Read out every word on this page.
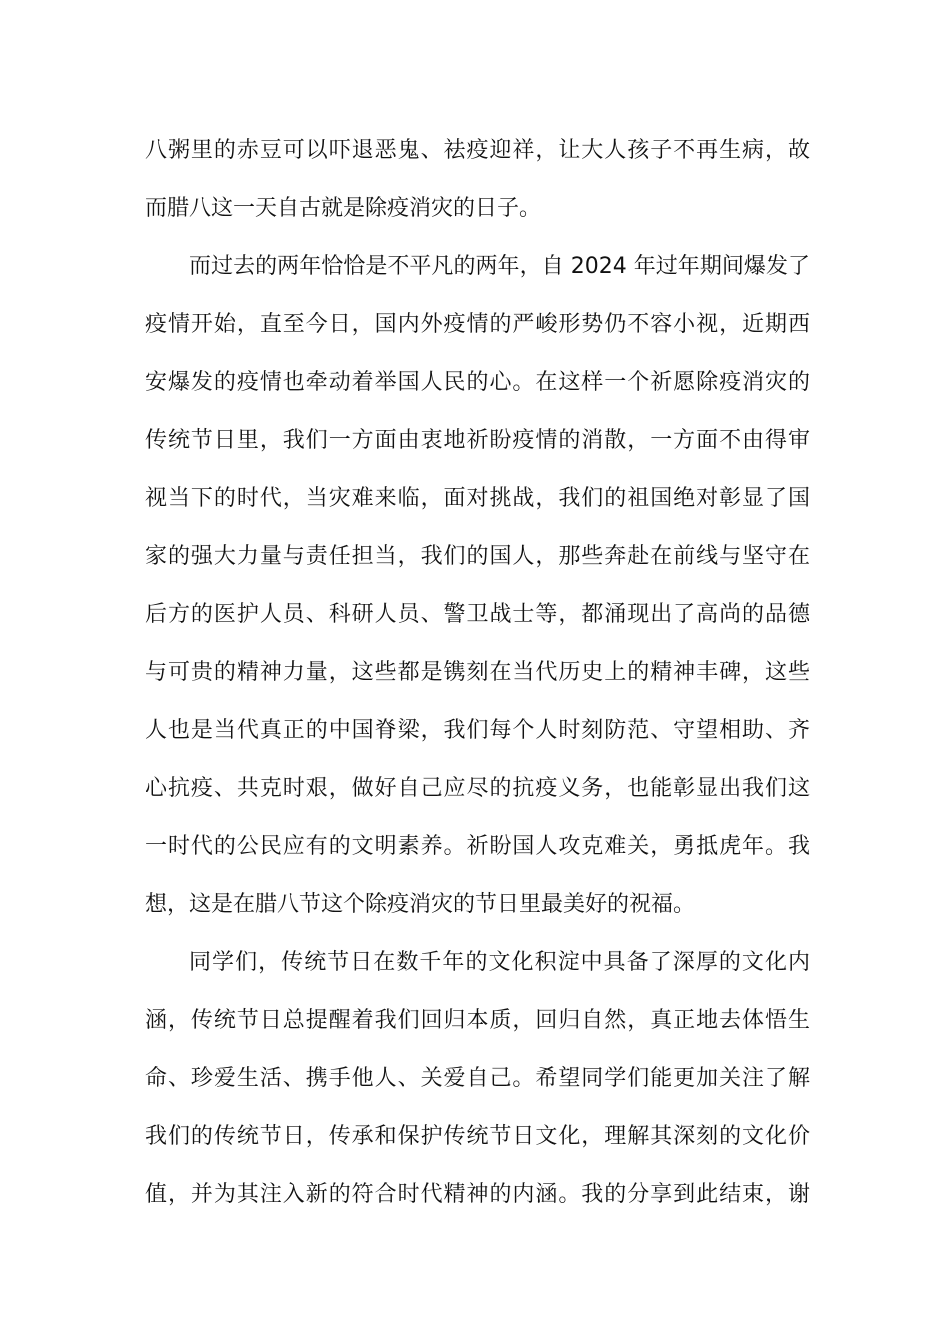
八粥里的赤豆可以吓退恶鬼、祛疫迎祥，让大人孩子不再生病，故
而腊八这一天自古就是除疫消灾的日子。
而过去的两年恰恰是不平凡的两年，自 2024 年过年期间爆发了
疫情开始，直至今日，国内外疫情的严峻形势仍不容小视，近期西
安爆发的疫情也牵动着举国人民的心。在这样一个祈愿除疫消灾的
传统节日里，我们一方面由衷地祈盼疫情的消散，一方面不由得审
视当下的时代，当灾难来临，面对挑战，我们的祖国绝对彰显了国
家的强大力量与责任担当，我们的国人，那些奔赴在前线与坚守在
后方的医护人员、科研人员、警卫战士等，都涌现出了高尚的品德
与可贵的精神力量，这些都是镌刻在当代历史上的精神丰碑，这些
人也是当代真正的中国脊梁，我们每个人时刻防范、守望相助、齐
心抗疫、共克时艰，做好自己应尽的抗疫义务，也能彰显出我们这
一时代的公民应有的文明素养。祈盼国人攻克难关，勇抵虎年。我
想，这是在腊八节这个除疫消灾的节日里最美好的祝福。
同学们，传统节日在数千年的文化积淀中具备了深厚的文化内
涵，传统节日总提醒着我们回归本质，回归自然，真正地去体悟生
命、珍爱生活、携手他人、关爱自己。希望同学们能更加关注了解
我们的传统节日，传承和保护传统节日文化，理解其深刻的文化价
值，并为其注入新的符合时代精神的内涵。我的分享到此结束，谢
